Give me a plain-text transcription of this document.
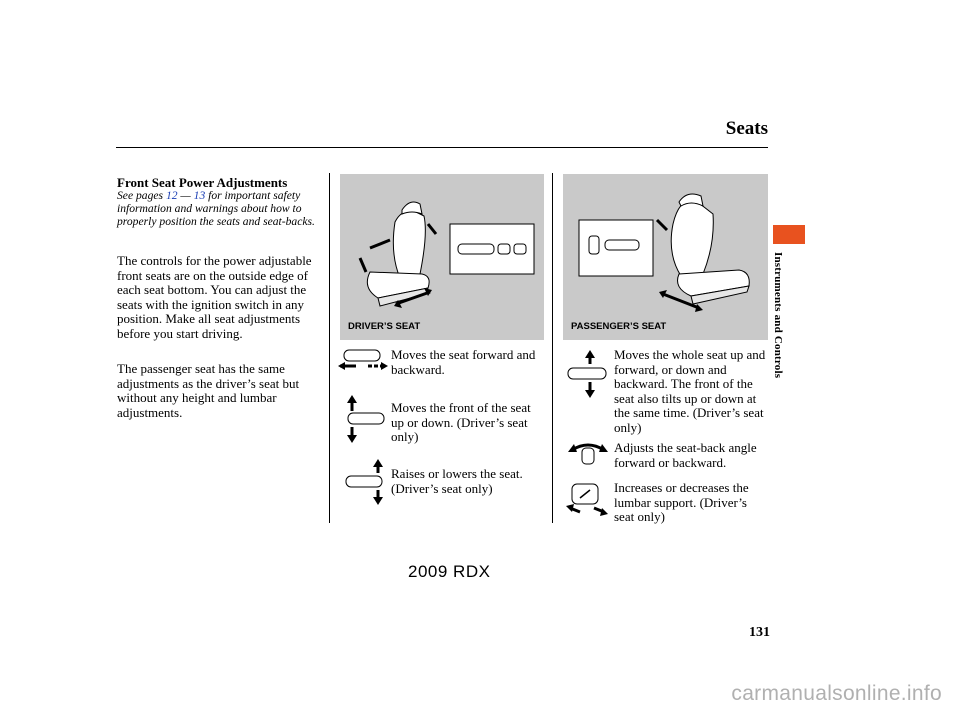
Seats
Instruments and Controls
Front Seat Power Adjustments
See pages 12 — 13 for important safety information and warnings about how to properly position the seats and seat-backs.
The controls for the power adjustable front seats are on the outside edge of each seat bottom. You can adjust the seats with the ignition switch in any position. Make all seat adjustments before you start driving.
The passenger seat has the same adjustments as the driver’s seat but without any height and lumbar adjustments.
DRIVER’S SEAT	PASSENGER’S SEAT
Moves the seat forward and backward.
Moves the front of the seat up or down. (Driver’s seat only)
Raises or lowers the seat. (Driver’s seat only)
Moves the whole seat up and forward, or down and backward. The front of the seat also tilts up or down at the same time. (Driver’s seat only)
Adjusts the seat-back angle forward or backward.
Increases or decreases the lumbar support. (Driver’s seat only)
131
2009 RDX
carmanualsonline.info
